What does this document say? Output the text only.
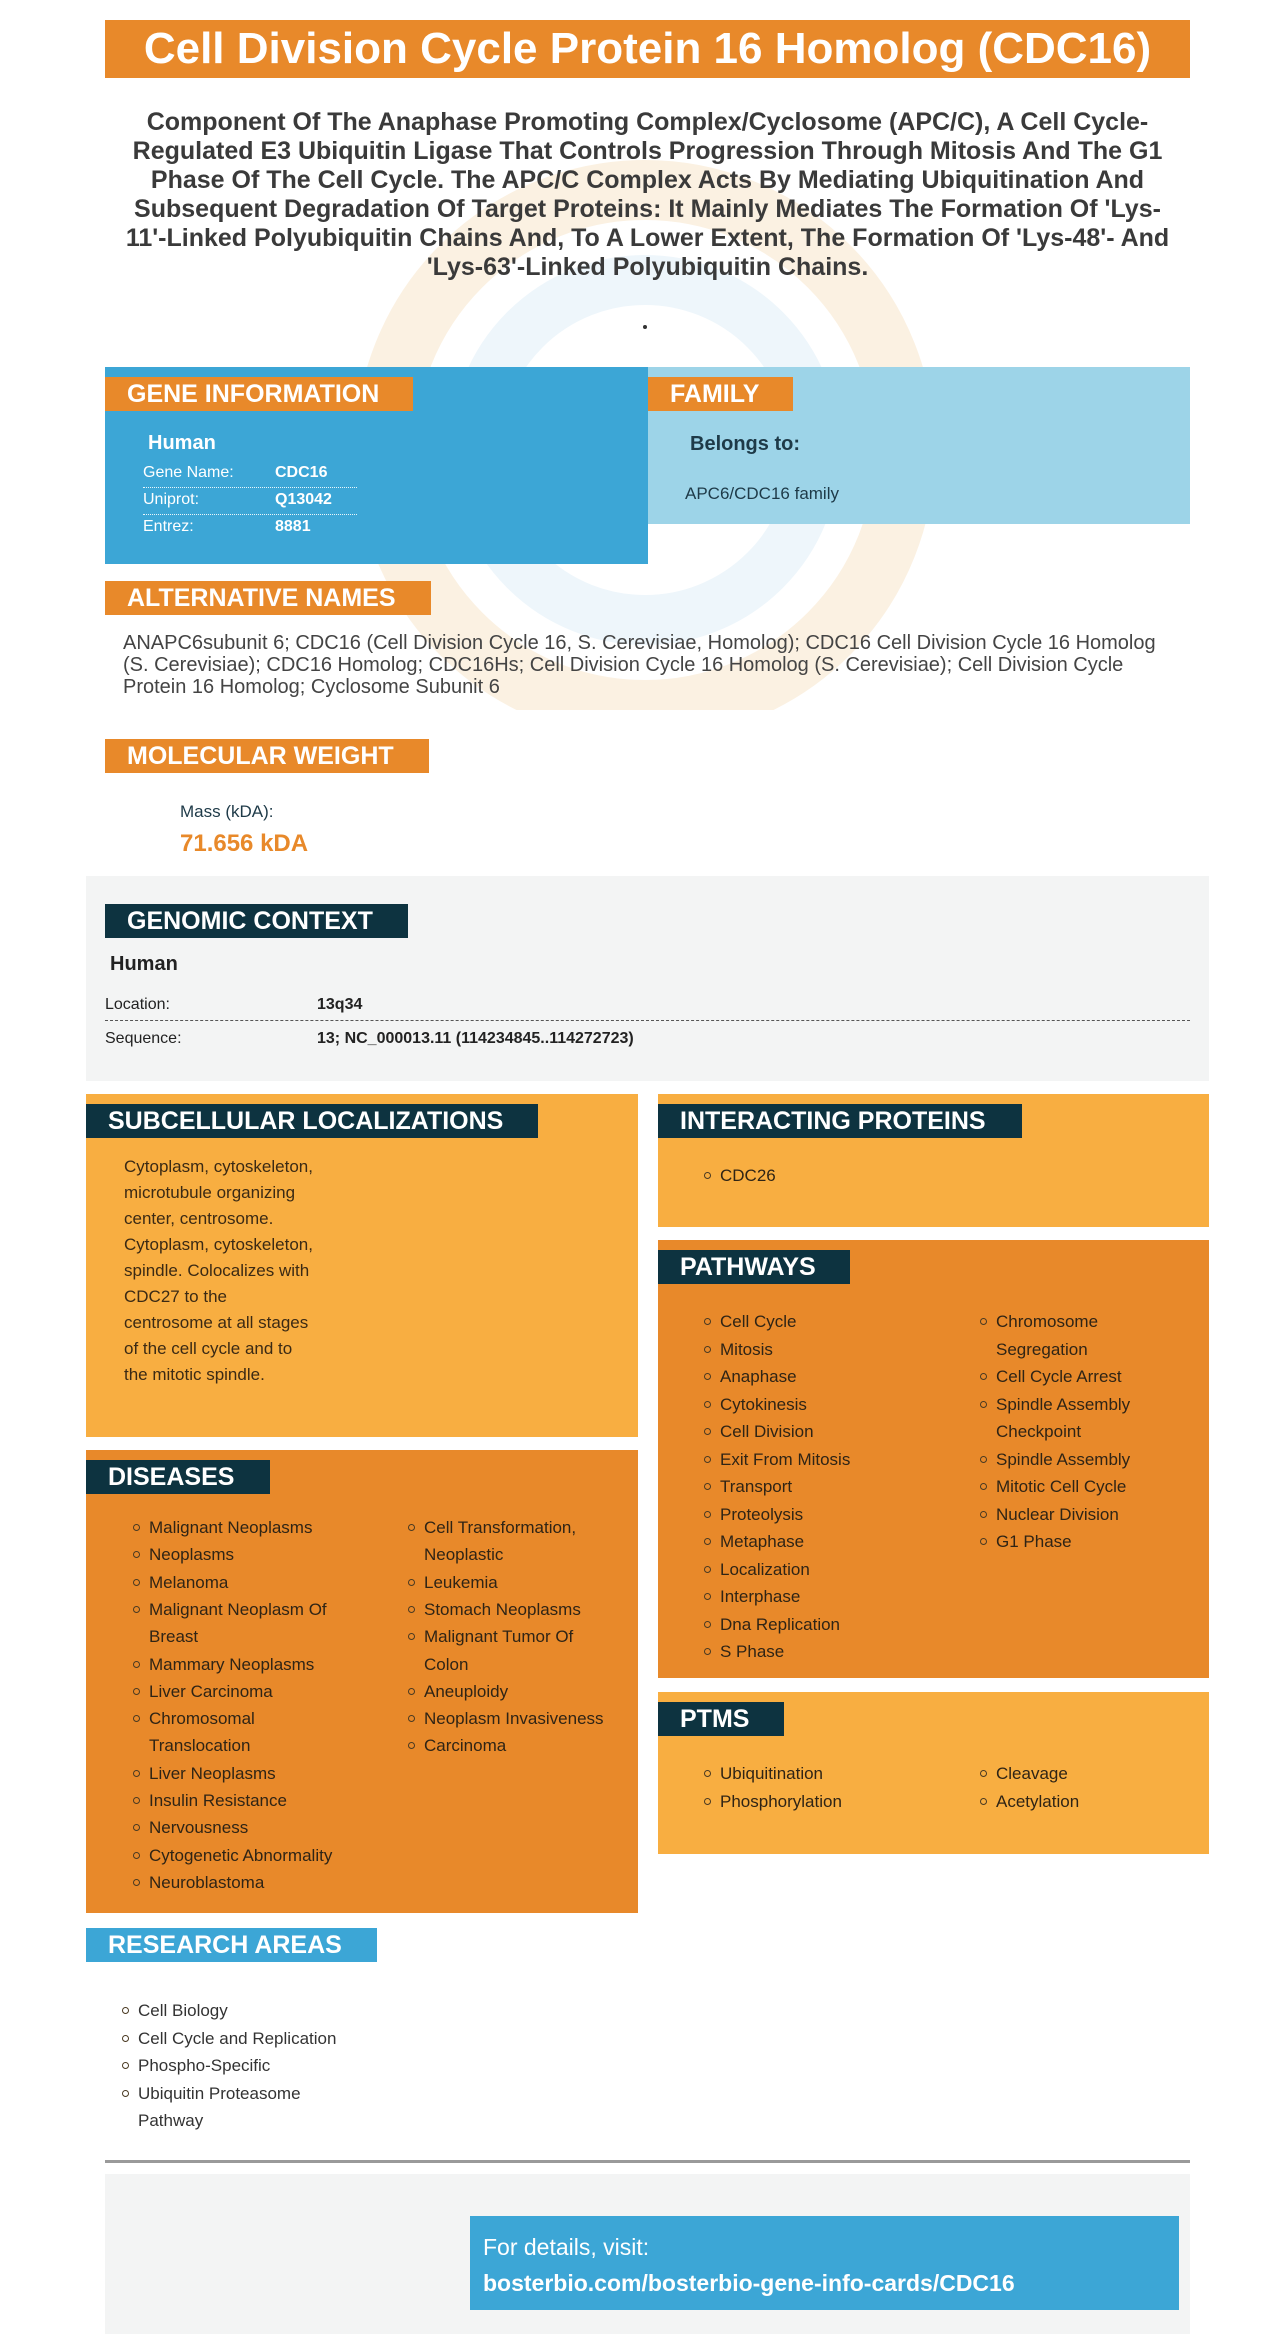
Cell Division Cycle Protein 16 Homolog (CDC16)
Component Of The Anaphase Promoting Complex/Cyclosome (APC/C), A Cell Cycle-Regulated E3 Ubiquitin Ligase That Controls Progression Through Mitosis And The G1 Phase Of The Cell Cycle. The APC/C Complex Acts By Mediating Ubiquitination And Subsequent Degradation Of Target Proteins: It Mainly Mediates The Formation Of 'Lys-11'-Linked Polyubiquitin Chains And, To A Lower Extent, The Formation Of 'Lys-48'- And 'Lys-63'-Linked Polyubiquitin Chains.
GENE INFORMATION
Human
Gene Name:	CDC16
Uniprot:	Q13042
Entrez:	8881
FAMILY
Belongs to:
APC6/CDC16 family
ALTERNATIVE NAMES
ANAPC6subunit 6; CDC16 (Cell Division Cycle 16, S. Cerevisiae, Homolog); CDC16 Cell Division Cycle 16 Homolog (S. Cerevisiae); CDC16 Homolog; CDC16Hs; Cell Division Cycle 16 Homolog (S. Cerevisiae); Cell Division Cycle Protein 16 Homolog; Cyclosome Subunit 6
MOLECULAR WEIGHT
Mass (kDA):
71.656 kDA
GENOMIC CONTEXT
Human
Location:	13q34
Sequence:	13; NC_000013.11 (114234845..114272723)
SUBCELLULAR LOCALIZATIONS
Cytoplasm, cytoskeleton,
microtubule organizing
center, centrosome.
Cytoplasm, cytoskeleton,
spindle. Colocalizes with
CDC27 to the
centrosome at all stages
of the cell cycle and to
the mitotic spindle.
INTERACTING PROTEINS
CDC26
PATHWAYS
Cell Cycle
Mitosis
Anaphase
Cytokinesis
Cell Division
Exit From Mitosis
Transport
Proteolysis
Metaphase
Localization
Interphase
Dna Replication
S Phase
Chromosome
Segregation
Cell Cycle Arrest
Spindle Assembly
Checkpoint
Spindle Assembly
Mitotic Cell Cycle
Nuclear Division
G1 Phase
DISEASES
Malignant Neoplasms
Neoplasms
Melanoma
Malignant Neoplasm Of
Breast
Mammary Neoplasms
Liver Carcinoma
Chromosomal
Translocation
Liver Neoplasms
Insulin Resistance
Nervousness
Cytogenetic Abnormality
Neuroblastoma
Cell Transformation,
Neoplastic
Leukemia
Stomach Neoplasms
Malignant Tumor Of
Colon
Aneuploidy
Neoplasm Invasiveness
Carcinoma
PTMS
Ubiquitination
Phosphorylation
Cleavage
Acetylation
RESEARCH AREAS
Cell Biology
Cell Cycle and Replication
Phospho-Specific
Ubiquitin Proteasome
Pathway
For details, visit:
bosterbio.com/bosterbio-gene-info-cards/CDC16
